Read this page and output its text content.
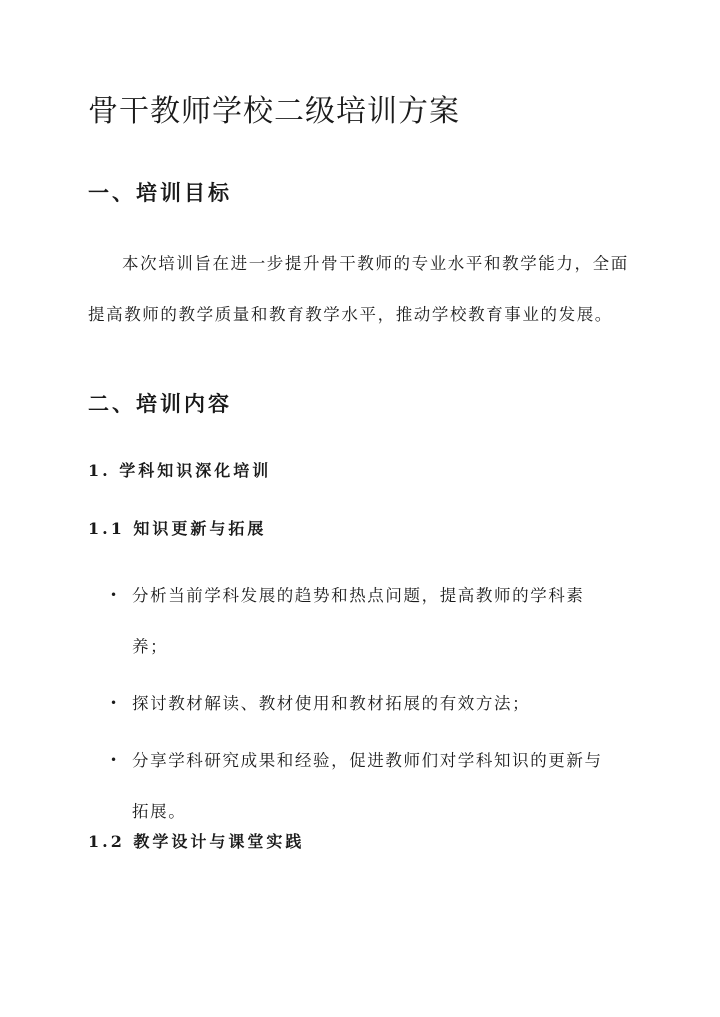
骨干教师学校二级培训方案
一、培训目标

本次培训旨在进一步提升骨干教师的专业水平和教学能力，全面提高教师的教学质量和教育教学水平，推动学校教育事业的发展。

二、培训内容
1. 学科知识深化培训
1.1 知识更新与拓展
• 分析当前学科发展的趋势和热点问题，提高教师的学科素养；
• 探讨教材解读、教材使用和教材拓展的有效方法；
• 分享学科研究成果和经验，促进教师们对学科知识的更新与拓展。
1.2 教学设计与课堂实践
